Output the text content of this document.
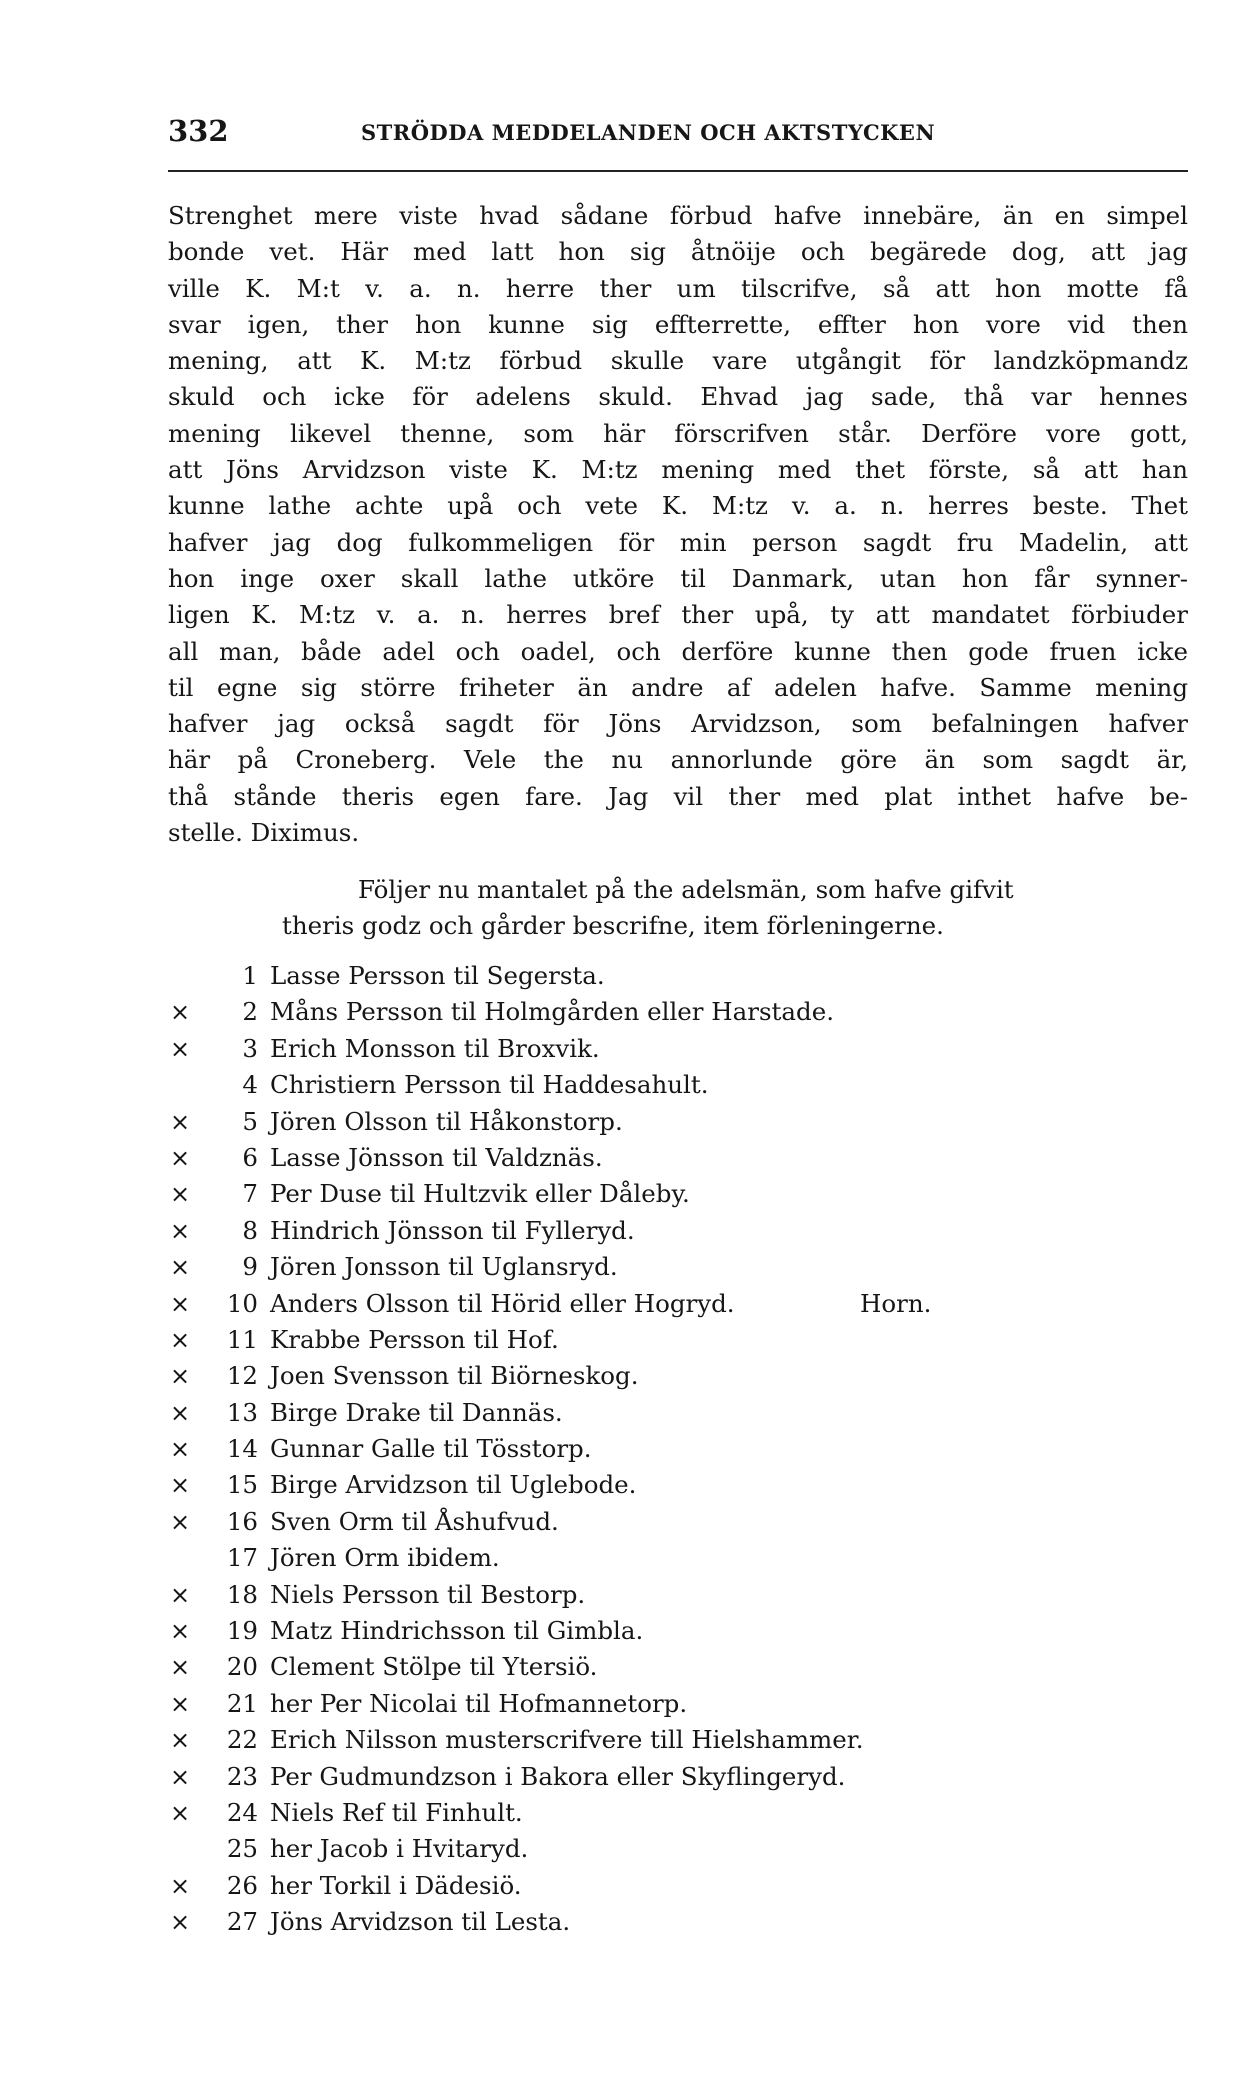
332	STRÖDDA MEDDELANDEN OCH AKTSTYCKEN
Strenghet mere viste hvad sådane förbud hafve innebäre, än en simpel
bonde vet. Här med latt hon sig åtnöije och begärede dog, att jag
ville K. M:t v. a. n. herre ther um tilscrifve, så att hon motte få
svar igen, ther hon kunne sig effterrette, effter hon vore vid then
mening, att K. M:tz förbud skulle vare utgångit för landzköpmandz
skuld och icke för adelens skuld. Ehvad jag sade, thå var hennes
mening likevel thenne, som här förscrifven står. Derföre vore gott,
att Jöns Arvidzson viste K. M:tz mening med thet förste, så att han
kunne lathe achte upå och vete K. M:tz v. a. n. herres beste. Thet
hafver jag dog fulkommeligen för min person sagdt fru Madelin, att
hon inge oxer skall lathe utköre til Danmark, utan hon får synner-
ligen K. M:tz v. a. n. herres bref ther upå, ty att mandatet förbiuder
all man, både adel och oadel, och derföre kunne then gode fruen icke
til egne sig större friheter än andre af adelen hafve. Samme mening
hafver jag också sagdt för Jöns Arvidzson, som befalningen hafver
här på Croneberg. Vele the nu annorlunde göre än som sagdt är,
thå stånde theris egen fare. Jag vil ther med plat inthet hafve be-
stelle. Diximus.
Följer nu mantalet på the adelsmän, som hafve gifvit
theris godz och gårder bescrifne, item förleningerne.
1 Lasse Persson til Segersta.
×	2 Måns Persson til Holmgården eller Harstade.
×	3 Erich Monsson til Broxvik.
4 Christiern Persson til Haddesahult.
×	5 Jören Olsson til Håkonstorp.
×	6 Lasse Jönsson til Valdznäs.
×	7 Per Duse til Hultzvik eller Dåleby.
×	8 Hindrich Jönsson til Fylleryd.
×	9 Jören Jonsson til Uglansryd.
×	10 Anders Olsson til Hörid eller Hogryd.	Horn.
×	11 Krabbe Persson til Hof.
×	12 Joen Svensson til Biörneskog.
×	13 Birge Drake til Dannäs.
×	14 Gunnar Galle til Tösstorp.
×	15 Birge Arvidzson til Uglebode.
×	16 Sven Orm til Åshufvud.
17 Jören Orm ibidem.
×	18 Niels Persson til Bestorp.
×	19 Matz Hindrichsson til Gimbla.
×	20 Clement Stölpe til Ytersiö.
×	21 her Per Nicolai til Hofmannetorp.
×	22 Erich Nilsson musterscrifvere till Hielshammer.
×	23 Per Gudmundzson i Bakora eller Skyflingeryd.
×	24 Niels Ref til Finhult.
25 her Jacob i Hvitaryd.
×	26 her Torkil i Dädesiö.
×	27 Jöns Arvidzson til Lesta.
